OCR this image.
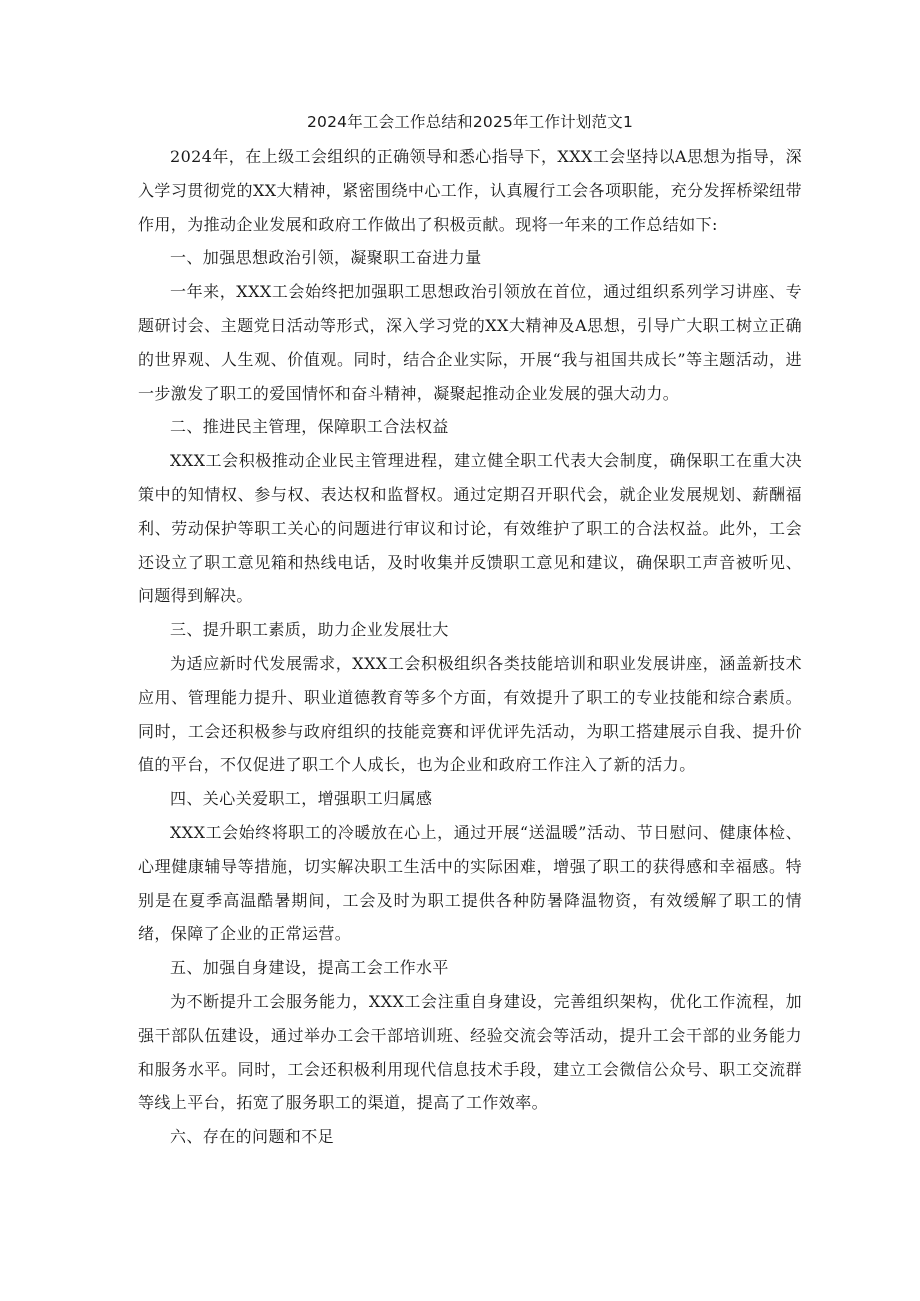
2024年工会工作总结和2025年工作计划范文1

2024年，在上级工会组织的正确领导和悉心指导下，XXX工会坚持以A思想为指导，深入学习贯彻党的XX大精神，紧密围绕中心工作，认真履行工会各项职能，充分发挥桥梁纽带作用，为推动企业发展和政府工作做出了积极贡献。现将一年来的工作总结如下:

一、加强思想政治引领，凝聚职工奋进力量

一年来，XXX工会始终把加强职工思想政治引领放在首位，通过组织系列学习讲座、专题研讨会、主题党日活动等形式，深入学习党的XX大精神及A思想，引导广大职工树立正确的世界观、人生观、价值观。同时，结合企业实际，开展“我与祖国共成长”等主题活动，进一步激发了职工的爱国情怀和奋斗精神，凝聚起推动企业发展的强大动力。

二、推进民主管理，保障职工合法权益

XXX工会积极推动企业民主管理进程，建立健全职工代表大会制度，确保职工在重大决策中的知情权、参与权、表达权和监督权。通过定期召开职代会，就企业发展规划、薪酬福利、劳动保护等职工关心的问题进行审议和讨论，有效维护了职工的合法权益。此外，工会还设立了职工意见箱和热线电话，及时收集并反馈职工意见和建议，确保职工声音被听见、问题得到解决。

三、提升职工素质，助力企业发展壮大

为适应新时代发展需求，XXX工会积极组织各类技能培训和职业发展讲座，涵盖新技术应用、管理能力提升、职业道德教育等多个方面，有效提升了职工的专业技能和综合素质。同时，工会还积极参与政府组织的技能竞赛和评优评先活动，为职工搭建展示自我、提升价值的平台，不仅促进了职工个人成长，也为企业和政府工作注入了新的活力。

四、关心关爱职工，增强职工归属感

XXX工会始终将职工的冷暖放在心上，通过开展“送温暖”活动、节日慰问、健康体检、心理健康辅导等措施，切实解决职工生活中的实际困难，增强了职工的获得感和幸福感。特别是在夏季高温酷暑期间，工会及时为职工提供各种防暑降温物资，有效缓解了职工的情绪，保障了企业的正常运营。

五、加强自身建设，提高工会工作水平

为不断提升工会服务能力，XXX工会注重自身建设，完善组织架构，优化工作流程，加强干部队伍建设，通过举办工会干部培训班、经验交流会等活动，提升工会干部的业务能力和服务水平。同时，工会还积极利用现代信息技术手段，建立工会微信公众号、职工交流群等线上平台，拓宽了服务职工的渠道，提高了工作效率。

六、存在的问题和不足
